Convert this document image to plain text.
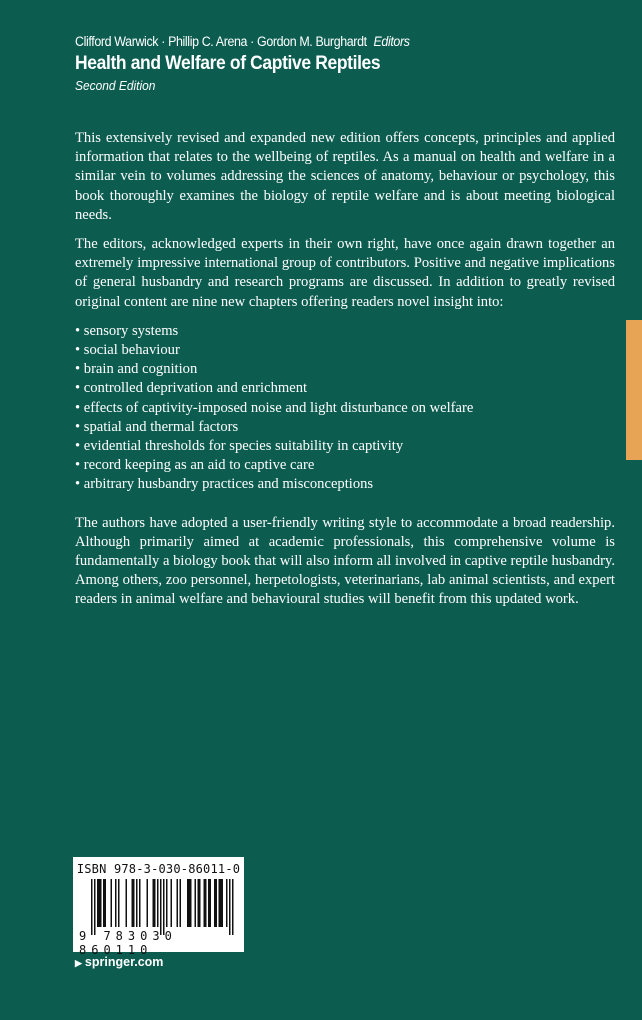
Clifford Warwick · Phillip C. Arena · Gordon M. Burghardt Editors
Health and Welfare of Captive Reptiles
Second Edition

This extensively revised and expanded new edition offers concepts, principles and applied information that relates to the wellbeing of reptiles. As a manual on health and welfare in a similar vein to volumes addressing the sciences of anatomy, behaviour or psychology, this book thoroughly examines the biology of reptile welfare and is about meeting biological needs.

The editors, acknowledged experts in their own right, have once again drawn together an extremely impressive international group of contributors. Positive and negative implications of general husbandry and research programs are discussed. In addition to greatly revised original content are nine new chapters offering readers novel insight into:

• sensory systems
• social behaviour
• brain and cognition
• controlled deprivation and enrichment
• effects of captivity-imposed noise and light disturbance on welfare
• spatial and thermal factors
• evidential thresholds for species suitability in captivity
• record keeping as an aid to captive care
• arbitrary husbandry practices and misconceptions

The authors have adopted a user-friendly writing style to accommodate a broad readership. Although primarily aimed at academic professionals, this comprehensive volume is fundamentally a biology book that will also inform all involved in captive reptile husbandry. Among others, zoo personnel, herpetologists, veterinarians, lab animal scientists, and expert readers in animal welfare and behavioural studies will benefit from this updated work.

ISBN 978-3-030-86011-0
9 783030 860110
▶ springer.com
